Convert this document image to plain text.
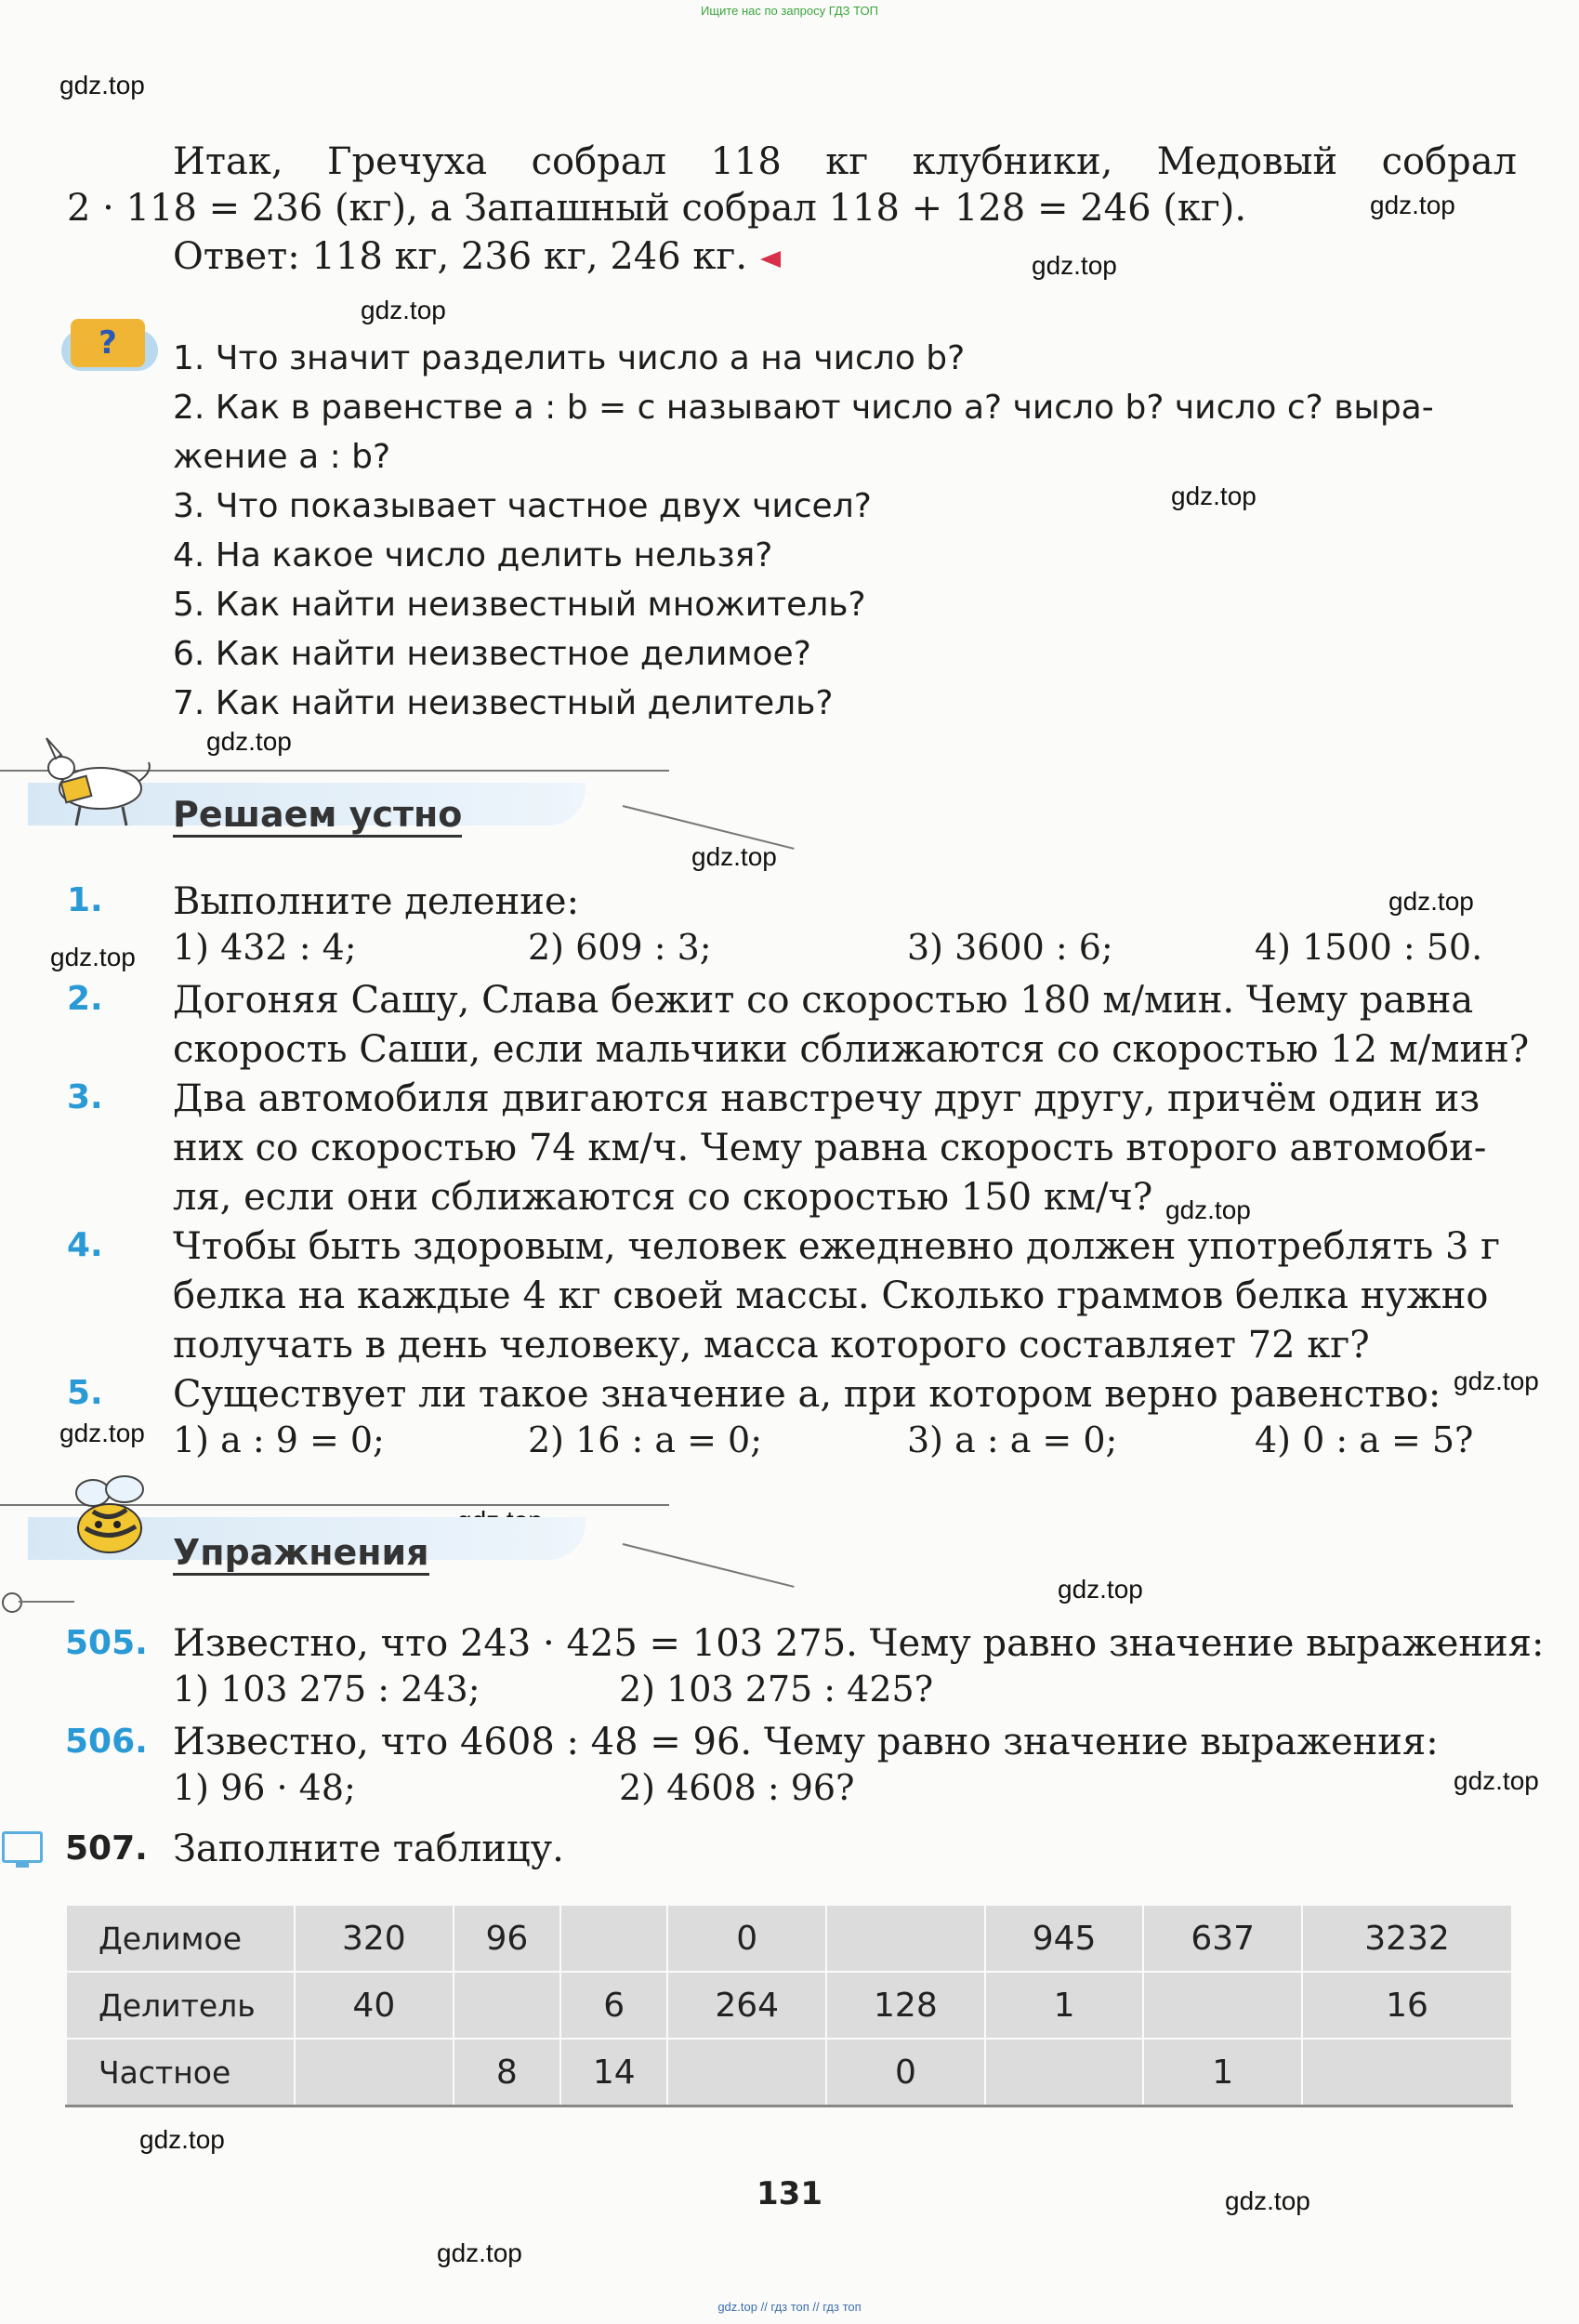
Ищите нас по запросу ГДЗ ТОП
gdz.top
gdz.top
gdz.top
gdz.top
gdz.top
gdz.top
gdz.top
gdz.top
gdz.top
gdz.top
gdz.top
gdz.top
gdz.top
gdz.top
gdz.top
gdz.top
gdz.top
Итак, Гречуха собрал 118 кг клубники, Медовый собрал
2 · 118 = 236 (кг), а Запашный собрал 118 + 128 = 246 (кг).
Ответ: 118 кг, 236 кг, 246 кг.
?	1. Что значит разделить число a на число b?
2. Как в равенстве a : b = c называют число a? число b? число c? выра-
жение a : b?
3. Что показывает частное двух чисел?
4. На какое число делить нельзя?
5. Как найти неизвестный множитель?
6. Как найти неизвестное делимое?
7. Как найти неизвестный делитель?
Решаем устно
1. Выполните деление:
1) 432 : 4;	2) 609 : 3;	3) 3600 : 6;	4) 1500 : 50.
2. Догоняя Сашу, Слава бежит со скоростью 180 м/мин. Чему равна
скорость Саши, если мальчики сближаются со скоростью 12 м/мин?
3. Два автомобиля двигаются навстречу друг другу, причём один из
них со скоростью 74 км/ч. Чему равна скорость второго автомоби-
ля, если они сближаются со скоростью 150 км/ч?
4. Чтобы быть здоровым, человек ежедневно должен употреблять 3 г
белка на каждые 4 кг своей массы. Сколько граммов белка нужно
получать в день человеку, масса которого составляет 72 кг?
5. Существует ли такое значение a, при котором верно равенство:
1) a : 9 = 0;	2) 16 : a = 0;	3) a : a = 0;	4) 0 : a = 5?
Упражнения
505. Известно, что 243 · 425 = 103 275. Чему равно значение выражения:
1) 103 275 : 243;	2) 103 275 : 425?
506. Известно, что 4608 : 48 = 96. Чему равно значение выражения:
1) 96 · 48;	2) 4608 : 96?
507. Заполните таблицу.
Делимое	320	96		0		945	637	3232
Делитель	40		6	264	128	1		16
Частное		8	14		0		1	
131
gdz.top // гдз топ // гдз топ
